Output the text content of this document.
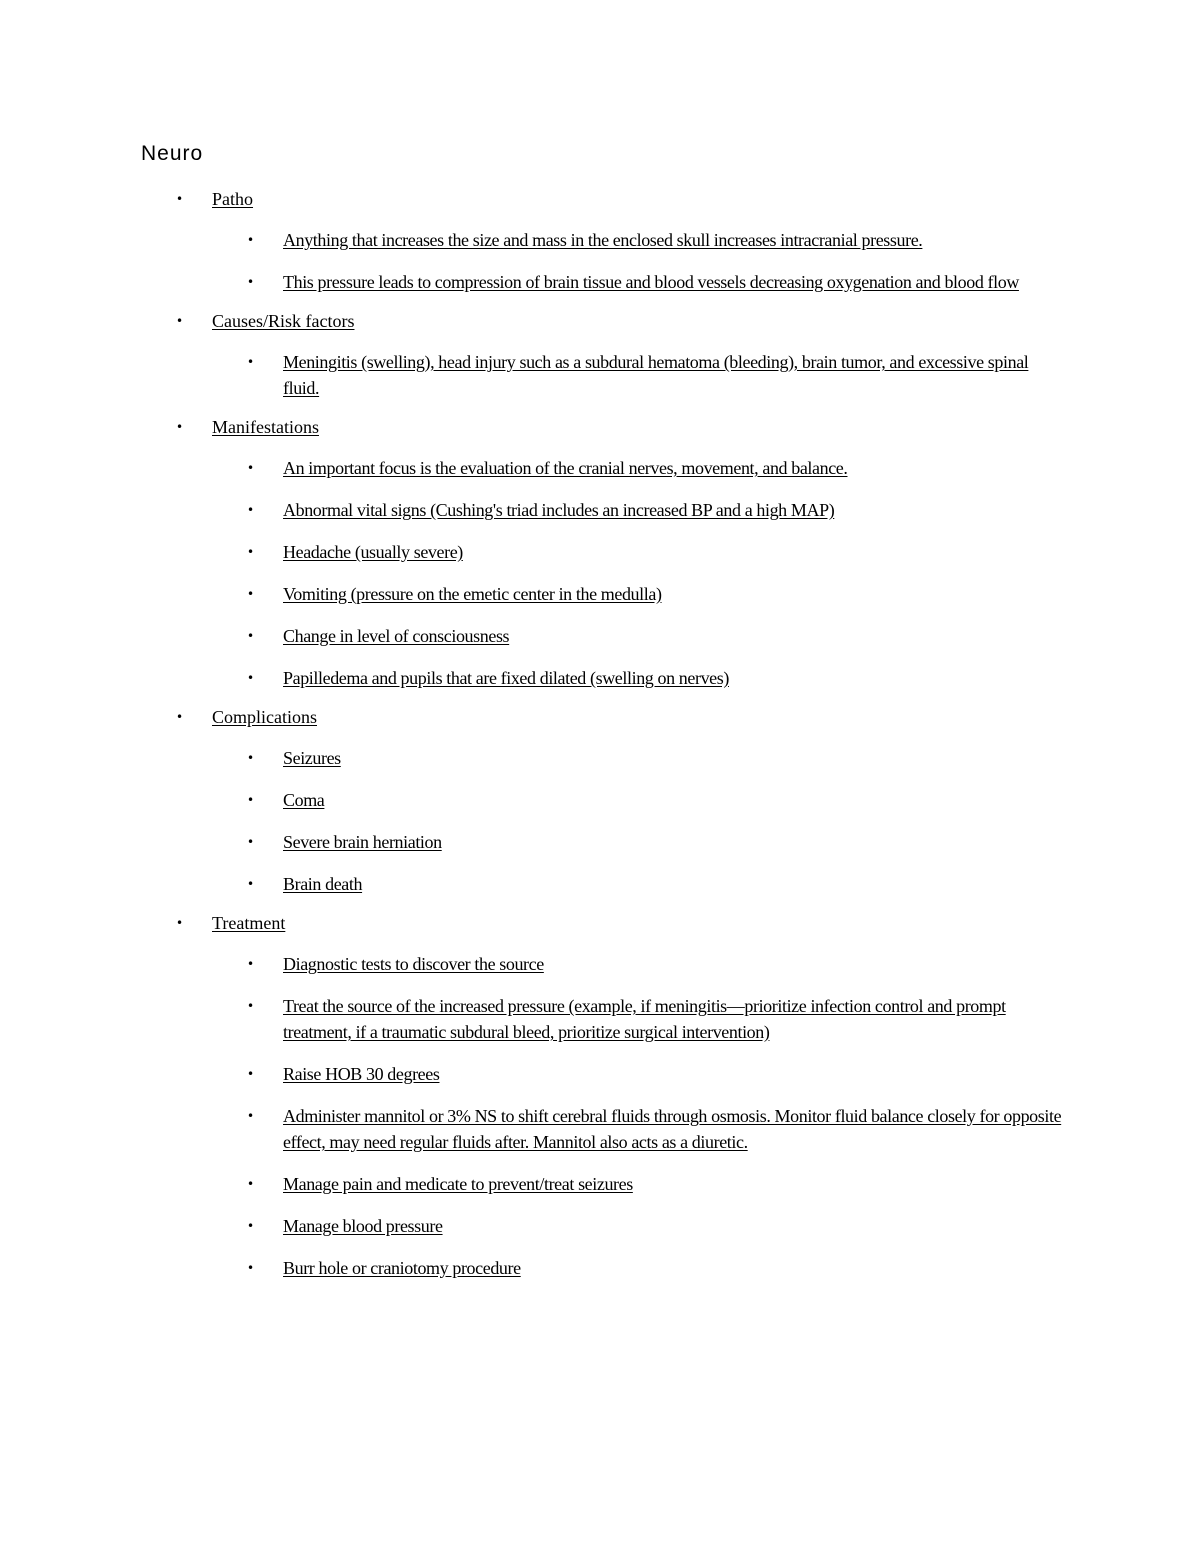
Neuro
• Patho
• Anything that increases the size and mass in the enclosed skull increases intracranial pressure.
• This pressure leads to compression of brain tissue and blood vessels decreasing oxygenation and blood flow
• Causes/Risk factors
• Meningitis (swelling), head injury such as a subdural hematoma (bleeding), brain tumor, and excessive spinal fluid.
• Manifestations
• An important focus is the evaluation of the cranial nerves, movement, and balance.
• Abnormal vital signs (Cushing's triad includes an increased BP and a high MAP)
• Headache (usually severe)
• Vomiting (pressure on the emetic center in the medulla)
• Change in level of consciousness
• Papilledema and pupils that are fixed dilated (swelling on nerves)
• Complications
• Seizures
• Coma
• Severe brain herniation
• Brain death
• Treatment
• Diagnostic tests to discover the source
• Treat the source of the increased pressure (example, if meningitis—prioritize infection control and prompt treatment, if a traumatic subdural bleed, prioritize surgical intervention)
• Raise HOB 30 degrees
• Administer mannitol or 3% NS to shift cerebral fluids through osmosis. Monitor fluid balance closely for opposite effect, may need regular fluids after. Mannitol also acts as a diuretic.
• Manage pain and medicate to prevent/treat seizures
• Manage blood pressure
• Burr hole or craniotomy procedure
